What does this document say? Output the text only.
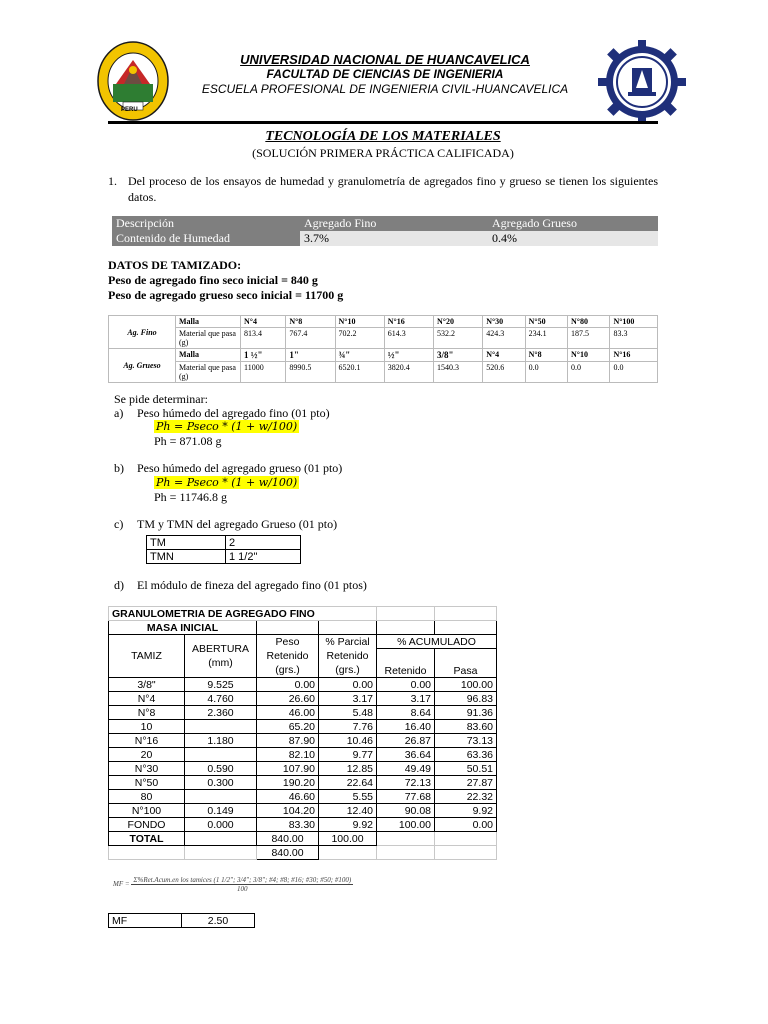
PERU
UNIVERSIDAD NACIONAL DE HUANCAVELICA
FACULTAD DE CIENCIAS DE INGENIERIA
ESCUELA PROFESIONAL DE INGENIERIA CIVIL-HUANCAVELICA
TECNOLOGÍA DE LOS MATERIALES
(SOLUCIÓN PRIMERA PRÁCTICA CALIFICADA)
1. Del proceso de los ensayos de humedad y granulometría de agregados fino y grueso se tienen los siguientes datos.
Descripción	Agregado Fino	Agregado Grueso
Contenido de Humedad	3.7%	0.4%
DATOS DE TAMIZADO:
Peso de agregado fino seco inicial = 840 g
Peso de agregado grueso seco inicial = 11700 g
Ag. Fino	Malla	N°4	N°8	N°10	N°16	N°20	N°30	N°50	N°80	N°100
	Material que pasa (g)	813.4	767.4	702.2	614.3	532.2	424.3	234.1	187.5	83.3
Ag. Grueso	Malla	1 ½"	1"	¾"	½"	3/8"	N°4	N°8	N°10	N°16
	Material que pasa (g)	11000	8990.5	6520.1	3820.4	1540.3	520.6	0.0	0.0	0.0
Se pide determinar:
a) Peso húmedo del agregado fino (01 pto)
Ph = Pseco * (1 + w/100)
Ph = 871.08 g
b) Peso húmedo del agregado grueso (01 pto)
Ph = Pseco * (1 + w/100)
Ph = 11746.8 g
c) TM y TMN del agregado Grueso (01 pto)
TM	2
TMN	1 1/2"
d) El módulo de fineza del agregado fino (01 ptos)
GRANULOMETRIA DE AGREGADO FINO					
MASA INICIAL					
TAMIZ	ABERTURA (mm)	Peso Retenido (grs.)	% Parcial Retenido (grs.)	% ACUMULADO	
				Retenido	Pasa

3/8"	9.525	0.00	0.00	0.00	100.00
N°4	4.760	26.60	3.17	3.17	96.83
N°8	2.360	46.00	5.48	8.64	91.36
10		65.20	7.76	16.40	83.60
N°16	1.180	87.90	10.46	26.87	73.13
20		82.10	9.77	36.64	63.36
N°30	0.590	107.90	12.85	49.49	50.51
N°50	0.300	190.20	22.64	72.13	27.87
80		46.60	5.55	77.68	22.32
N°100	0.149	104.20	12.40	90.08	9.92
FONDO	0.000	83.30	9.92	100.00	0.00
TOTAL		840.00	100.00		
		840.00			
MF =
Σ%Ret.Acum.en los tamices (1 1/2"; 3/4"; 3/8"; #4; #8; #16; #30; #50; #100)
100
MF	2.50
